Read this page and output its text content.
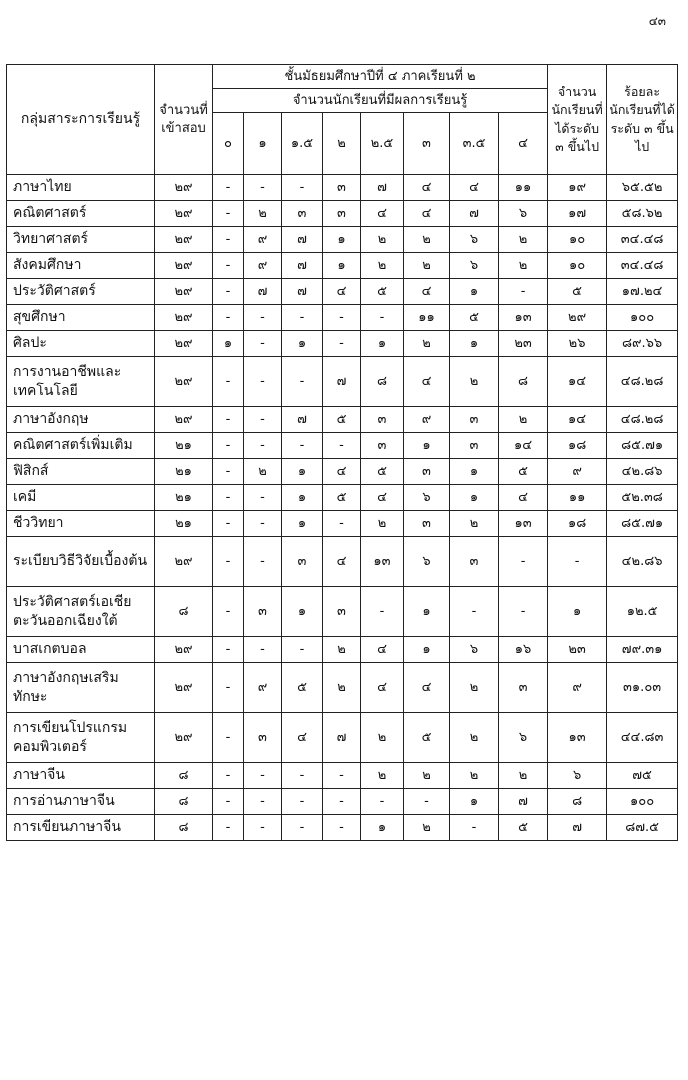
๔๓
กลุ่มสาระการเรียนรู้	จำนวนที่เข้าสอบ	ชั้นมัธยมศึกษาปีที่ ๔ ภาคเรียนที่ ๒								จำนวนนักเรียนที่ได้ระดับ ๓ ขึ้นไป	ร้อยละนักเรียนที่ได้ระดับ ๓ ขึ้นไป
		จำนวนนักเรียนที่มีผลการเรียนรู้									
		๐	๑	๑.๕	๒	๒.๕	๓	๓.๕	๔		
ภาษาไทย	๒๙	-	-	-	๓	๗	๔	๔	๑๑	๑๙	๖๕.๕๒
คณิตศาสตร์	๒๙	-	๒	๓	๓	๔	๔	๗	๖	๑๗	๕๘.๖๒
วิทยาศาสตร์	๒๙	-	๙	๗	๑	๒	๒	๖	๒	๑๐	๓๔.๔๘
สังคมศึกษา	๒๙	-	๙	๗	๑	๒	๒	๖	๒	๑๐	๓๔.๔๘
ประวัติศาสตร์	๒๙	-	๗	๗	๔	๕	๔	๑	-	๕	๑๗.๒๔
สุขศึกษา	๒๙	-	-	-	-	-	๑๑	๕	๑๓	๒๙	๑๐๐
ศิลปะ	๒๙	๑	-	๑	-	๑	๒	๑	๒๓	๒๖	๘๙.๖๖
การงานอาชีพและเทคโนโลยี	๒๙	-	-	-	๗	๘	๔	๒	๘	๑๔	๔๘.๒๘
ภาษาอังกฤษ	๒๙	-	-	๗	๕	๓	๙	๓	๒	๑๔	๔๘.๒๘
คณิตศาสตร์เพิ่มเติม	๒๑	-	-	-	-	๓	๑	๓	๑๔	๑๘	๘๕.๗๑
ฟิสิกส์	๒๑	-	๒	๑	๔	๕	๓	๑	๕	๙	๔๒.๘๖
เคมี	๒๑	-	-	๑	๕	๔	๖	๑	๔	๑๑	๕๒.๓๘
ชีววิทยา	๒๑	-	-	๑	-	๒	๓	๒	๑๓	๑๘	๘๕.๗๑
ระเบียบวิธีวิจัยเบื้องต้น	๒๙	-	-	๓	๔	๑๓	๖	๓	-	-	๔๒.๘๖
ประวัติศาสตร์เอเชียตะวันออกเฉียงใต้	๘	-	๓	๑	๓	-	๑	-	-	๑	๑๒.๕
บาสเกตบอล	๒๙	-	-	-	๒	๔	๑	๖	๑๖	๒๓	๗๙.๓๑
ภาษาอังกฤษเสริมทักษะ	๒๙	-	๙	๕	๒	๔	๔	๒	๓	๙	๓๑.๐๓
การเขียนโปรแกรมคอมพิวเตอร์	๒๙	-	๓	๔	๗	๒	๕	๒	๖	๑๓	๔๔.๘๓
ภาษาจีน	๘	-	-	-	-	๒	๒	๒	๒	๖	๗๕
การอ่านภาษาจีน	๘	-	-	-	-	-	-	๑	๗	๘	๑๐๐
การเขียนภาษาจีน	๘	-	-	-	-	๑	๒	-	๕	๗	๘๗.๕
